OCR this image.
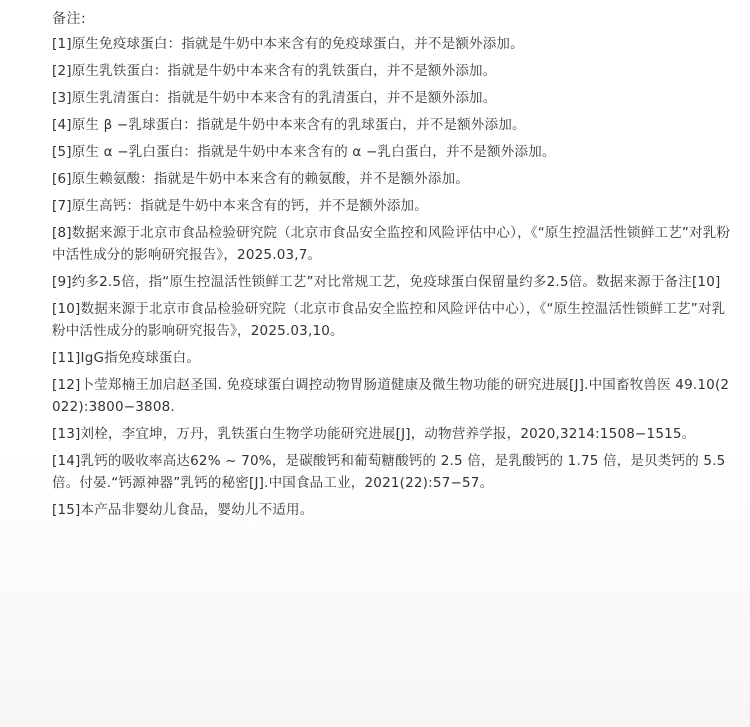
备注:
[1]原生免疫球蛋白：指就是牛奶中本来含有的免疫球蛋白，并不是额外添加。
[2]原生乳铁蛋白：指就是牛奶中本来含有的乳铁蛋白，并不是额外添加。
[3]原生乳清蛋白：指就是牛奶中本来含有的乳清蛋白，并不是额外添加。
[4]原生 β −乳球蛋白：指就是牛奶中本来含有的乳球蛋白，并不是额外添加。
[5]原生 α −乳白蛋白：指就是牛奶中本来含有的 α −乳白蛋白，并不是额外添加。
[6]原生赖氨酸：指就是牛奶中本来含有的赖氨酸，并不是额外添加。
[7]原生高钙：指就是牛奶中本来含有的钙，并不是额外添加。
[8]数据来源于北京市食品检验研究院（北京市食品安全监控和风险评估中心），《“原生控温活性锁鲜工艺”对乳粉中活性成分的影响研究报告》，2025.03,7。
[9]约多2.5倍，指“原生控温活性锁鲜工艺”对比常规工艺，免疫球蛋白保留量约多2.5倍。数据来源于备注[10]
[10]数据来源于北京市食品检验研究院（北京市食品安全监控和风险评估中心），《“原生控温活性锁鲜工艺”对乳粉中活性成分的影响研究报告》，2025.03,10。
[11]IgG指免疫球蛋白。
[12]卜莹郑楠王加启赵圣国. 免疫球蛋白调控动物胃肠道健康及微生物功能的研究进展[J].中国畜牧兽医 49.10(2022):3800−3808.
[13]刘栓，李宜坤，万丹，乳铁蛋白生物学功能研究进展[J]，动物营养学报，2020,3214:1508−1515。
[14]乳钙的吸收率高达62% ~ 70%，是碳酸钙和葡萄糖酸钙的 2.5 倍，是乳酸钙的 1.75 倍，是贝类钙的 5.5 倍。付晏.“钙源神器”乳钙的秘密[J].中国食品工业，2021(22):57−57。
[15]本产品非婴幼儿食品，婴幼儿不适用。
